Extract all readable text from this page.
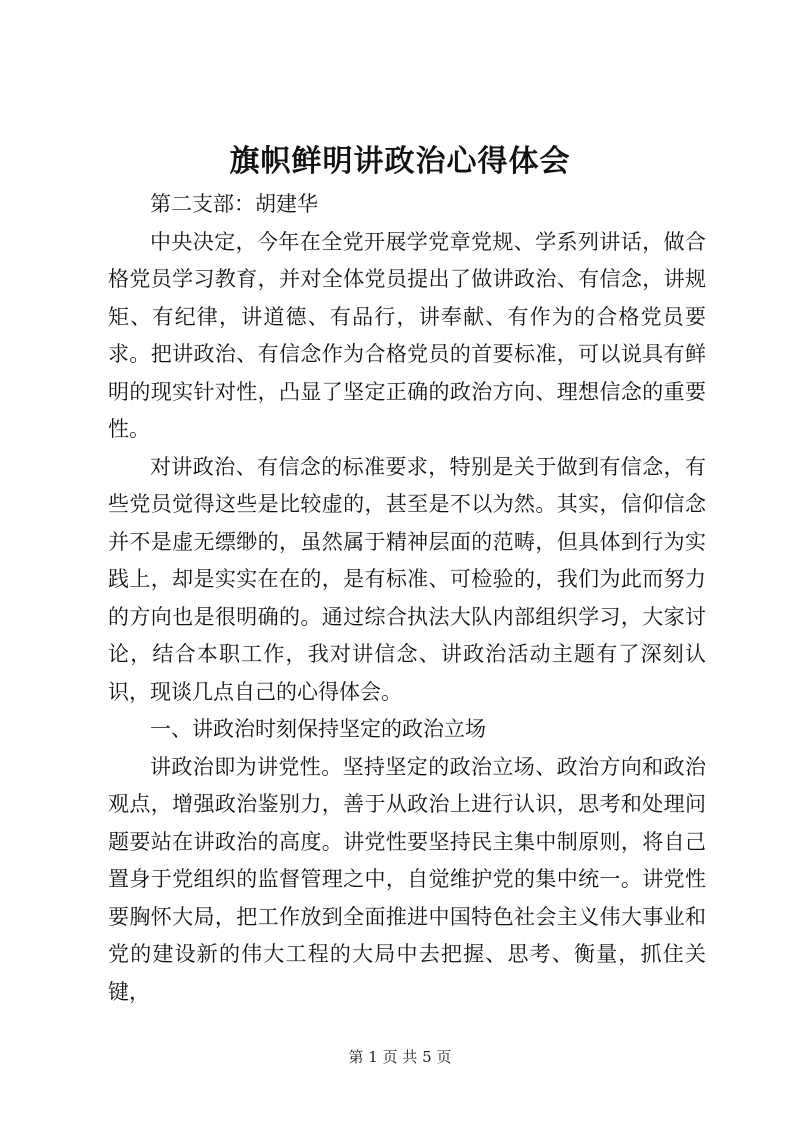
旗帜鲜明讲政治心得体会

第二支部：胡建华

中央决定，今年在全党开展学党章党规、学系列讲话，做合格党员学习教育，并对全体党员提出了做讲政治、有信念，讲规矩、有纪律，讲道德、有品行，讲奉献、有作为的合格党员要求。把讲政治、有信念作为合格党员的首要标准，可以说具有鲜明的现实针对性，凸显了坚定正确的政治方向、理想信念的重要性。

对讲政治、有信念的标准要求，特别是关于做到有信念，有些党员觉得这些是比较虚的，甚至是不以为然。其实，信仰信念并不是虚无缥缈的，虽然属于精神层面的范畴，但具体到行为实践上，却是实实在在的，是有标准、可检验的，我们为此而努力的方向也是很明确的。通过综合执法大队内部组织学习，大家讨论，结合本职工作，我对讲信念、讲政治活动主题有了深刻认识，现谈几点自己的心得体会。

一、讲政治时刻保持坚定的政治立场

讲政治即为讲党性。坚持坚定的政治立场、政治方向和政治观点，增强政治鉴别力，善于从政治上进行认识，思考和处理问题要站在讲政治的高度。讲党性要坚持民主集中制原则，将自己置身于党组织的监督管理之中，自觉维护党的集中统一。讲党性要胸怀大局，把工作放到全面推进中国特色社会主义伟大事业和党的建设新的伟大工程的大局中去把握、思考、衡量，抓住关键，

第 1 页 共 5 页
